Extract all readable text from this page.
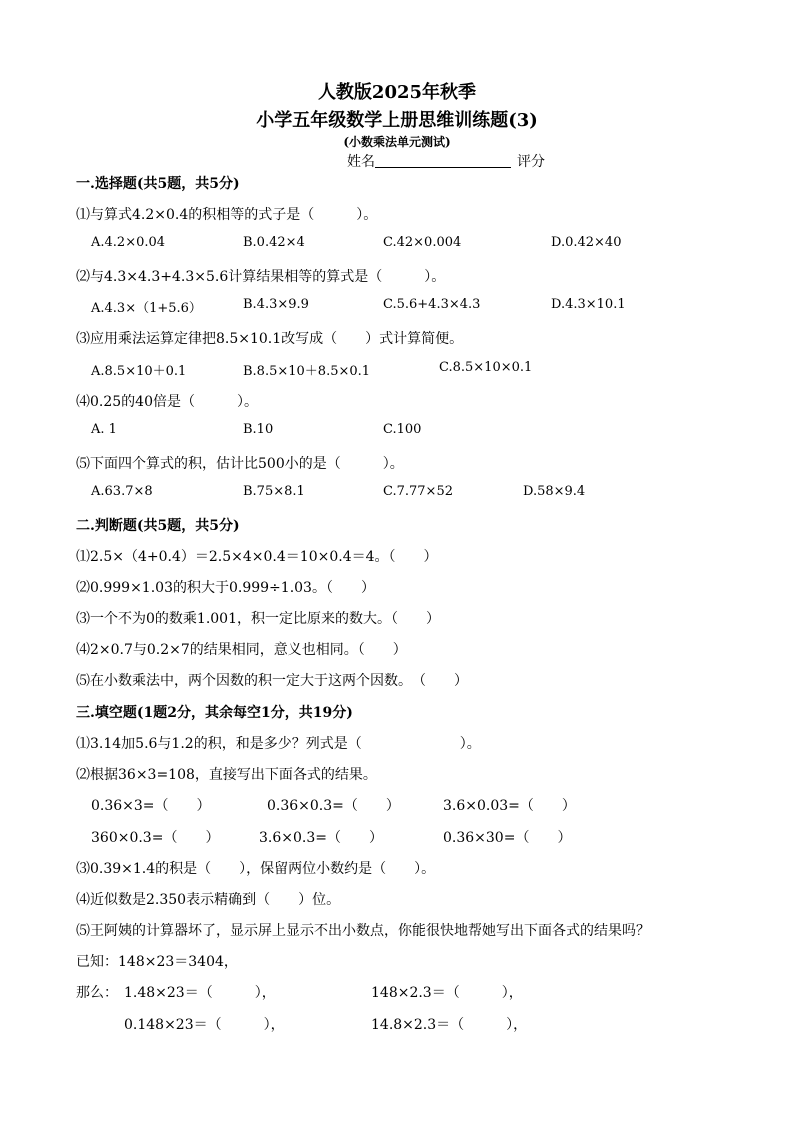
人教版2025年秋季
小学五年级数学上册思维训练题(3)
(小数乘法单元测试)
姓名	评分
一.选择题(共5题，共5分)
⑴与算式4.2×0.4的积相等的式子是（　　　）。
A.4.2×0.04	B.0.42×4	C.42×0.004	D.0.42×40
⑵与4.3×4.3+4.3×5.6计算结果相等的算式是（　　　）。
A.4.3×（1+5.6）	B.4.3×9.9	C.5.6+4.3×4.3	D.4.3×10.1
⑶应用乘法运算定律把8.5×10.1改写成（　　）式计算简便。
A.8.5×10＋0.1	B.8.5×10＋8.5×0.1	C.8.5×10×0.1
⑷0.25的40倍是（　　　）。
A. 1	B.10	C.100
⑸下面四个算式的积，估计比500小的是（　　　）。
A.63.7×8	B.75×8.1	C.7.77×52	D.58×9.4
二.判断题(共5题，共5分)
⑴2.5×（4+0.4）＝2.5×4×0.4＝10×0.4＝4。（　　）
⑵0.999×1.03的积大于0.999÷1.03。（　　）
⑶一个不为0的数乘1.001，积一定比原来的数大。（　　）
⑷2×0.7与0.2×7的结果相同，意义也相同。（　　）
⑸在小数乘法中，两个因数的积一定大于这两个因数。　（　　）
三.填空题(1题2分，其余每空1分，共19分)
⑴3.14加5.6与1.2的积，和是多少？列式是（　　　　　　　）。
⑵根据36×3=108，直接写出下面各式的结果。
0.36×3=（　　）	0.36×0.3=（　　）	3.6×0.03=（　　）
360×0.3=（　　）	3.6×0.3=（　　）	0.36×30=（　　）
⑶0.39×1.4的积是（　　），保留两位小数约是（　　）。
⑷近似数是2.350表示精确到（　　）位。
⑸王阿姨的计算器坏了，显示屏上显示不出小数点，你能很快地帮她写出下面各式的结果吗？
已知：148×23＝3404，
那么： 1.48×23＝（　　　），	148×2.3＝（　　　），
0.148×23＝（　　　），	14.8×2.3＝（　　　），
